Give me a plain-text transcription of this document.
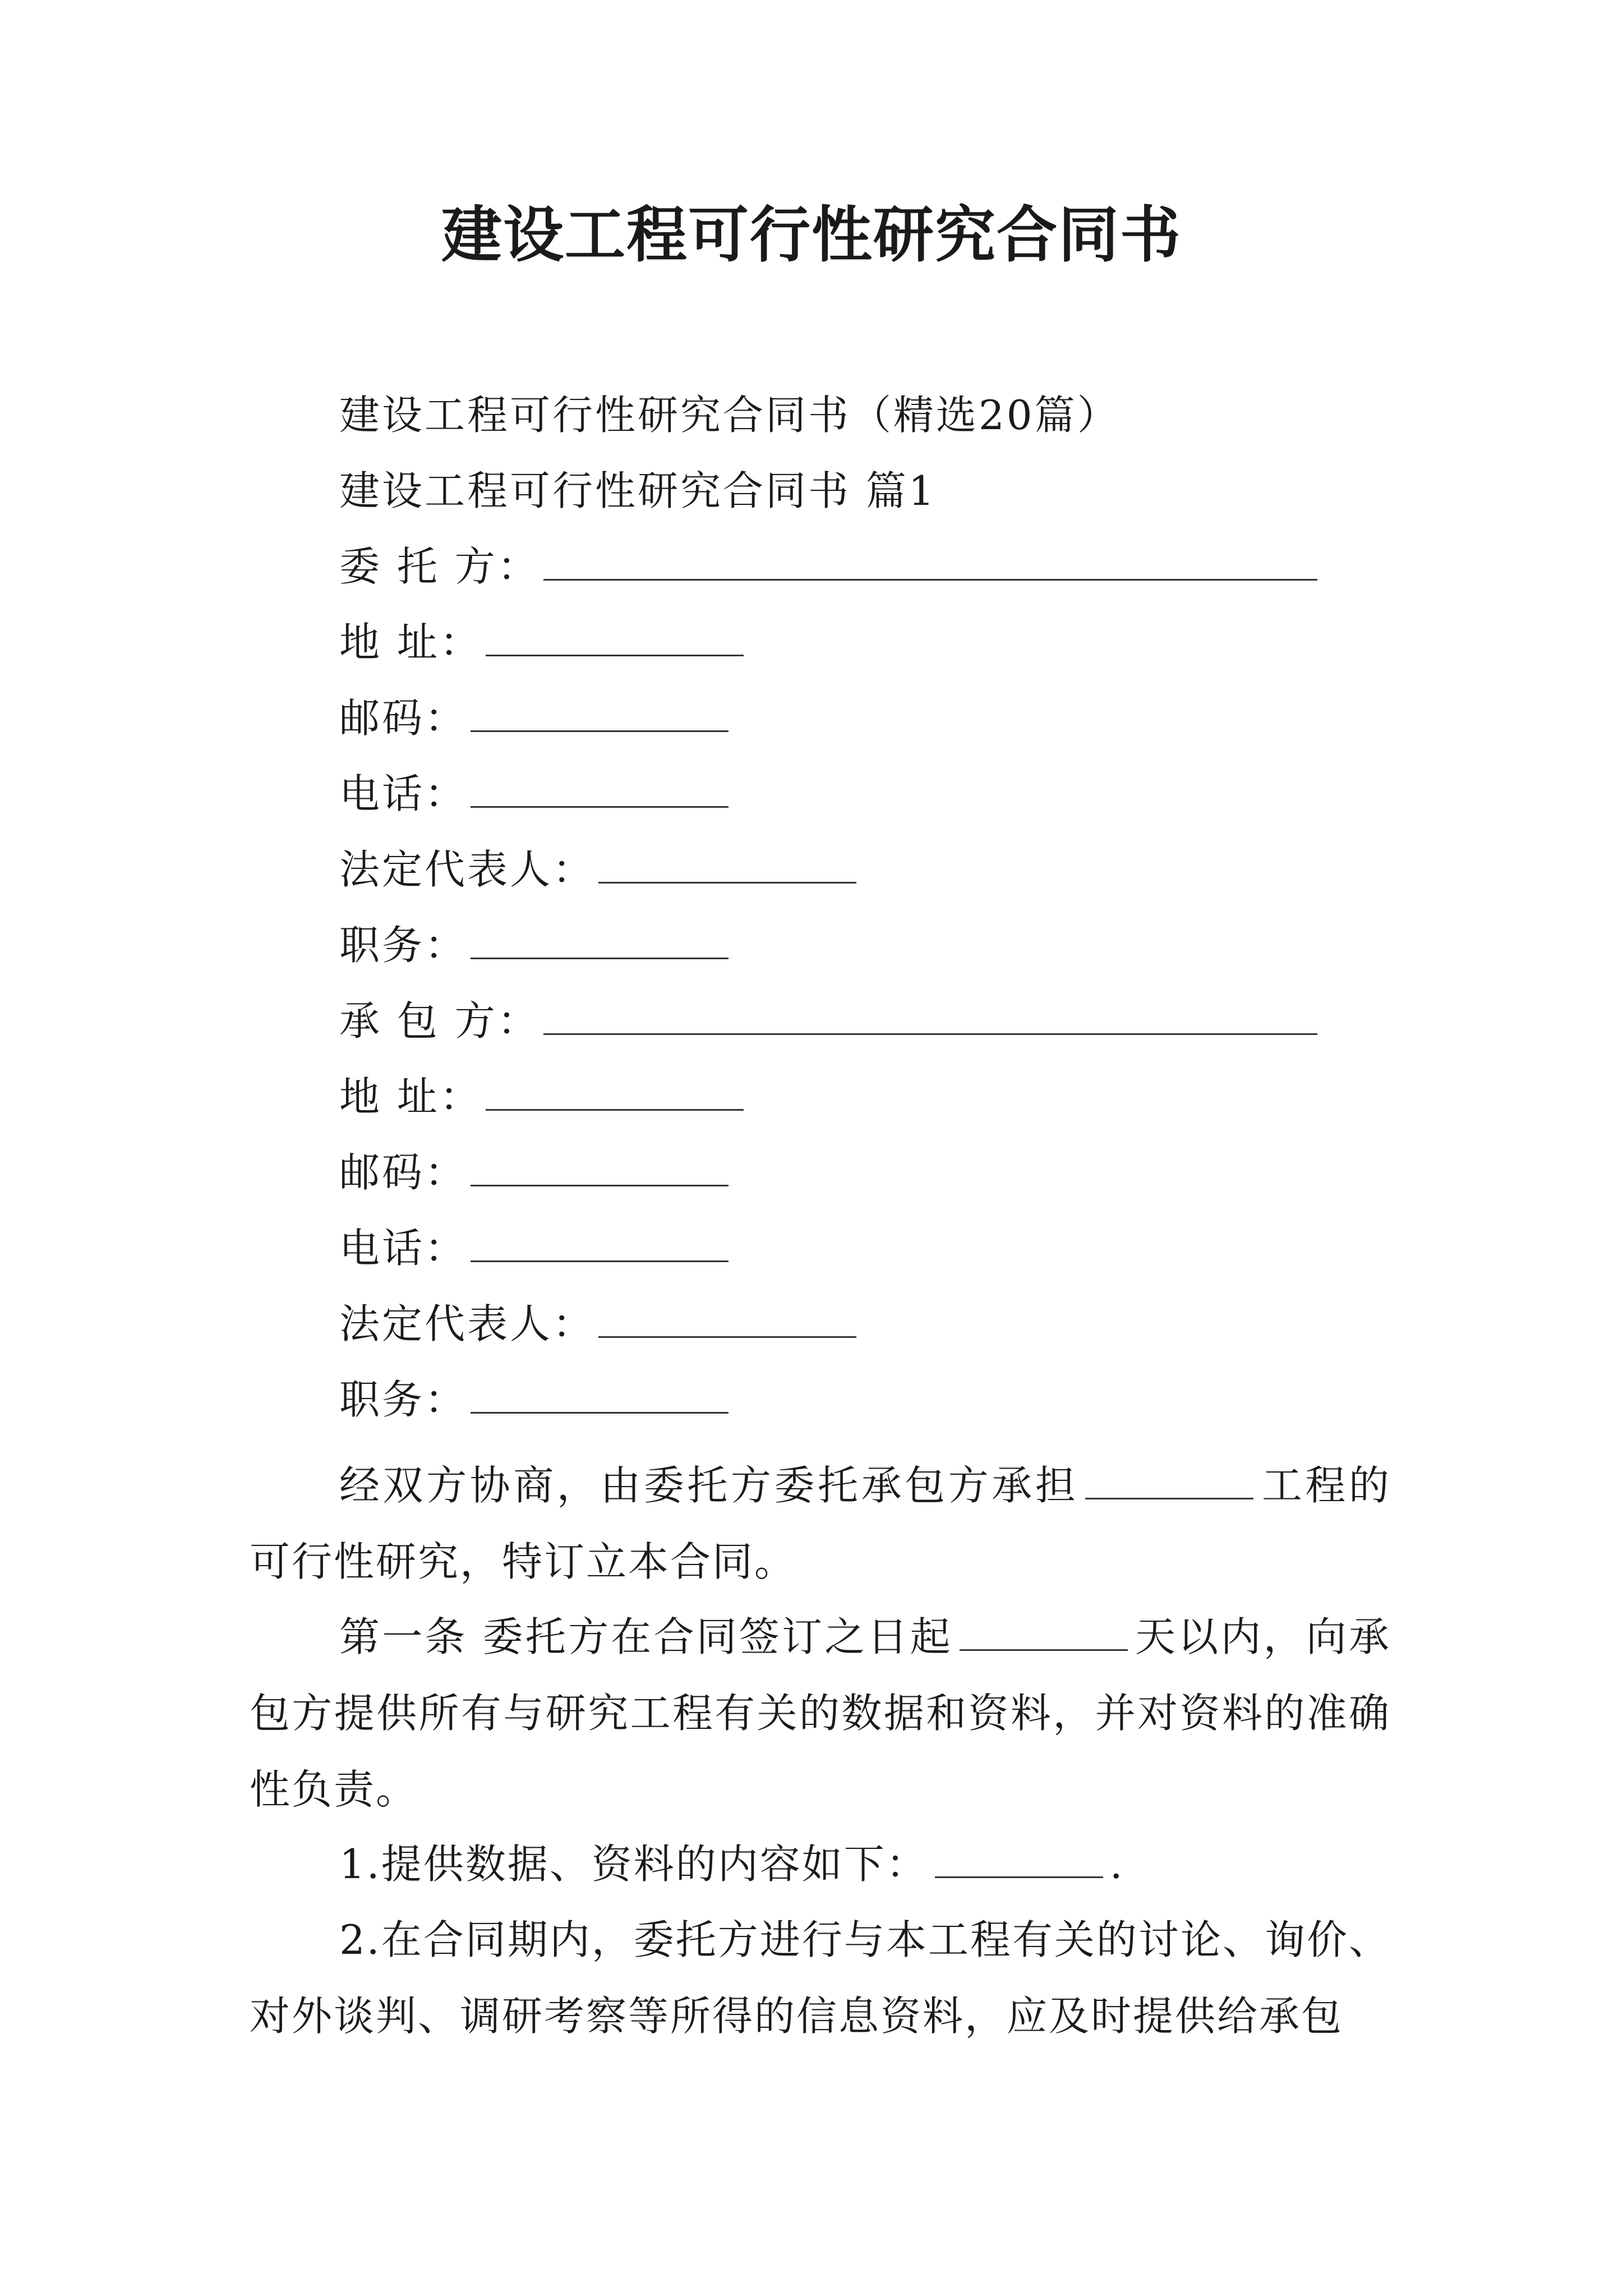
建设工程可行性研究合同书
建设工程可行性研究合同书（精选20篇）
建设工程可行性研究合同书 篇1
委 托 方：
地 址：
邮码：
电话：
法定代表人：
职务：
承 包 方：
地 址：
邮码：
电话：
法定代表人：
职务：

经双方协商，由委托方委托承包方承担	工程的可行性研究，特订立本合同。

第一条 委托方在合同签订之日起	天以内，向承包方提供所有与研究工程有关的数据和资料，并对资料的准确性负责。

1.提供数据、资料的内容如下：	.

2.在合同期内，委托方进行与本工程有关的讨论、询价、对外谈判、调研考察等所得的信息资料，应及时提供给承包
